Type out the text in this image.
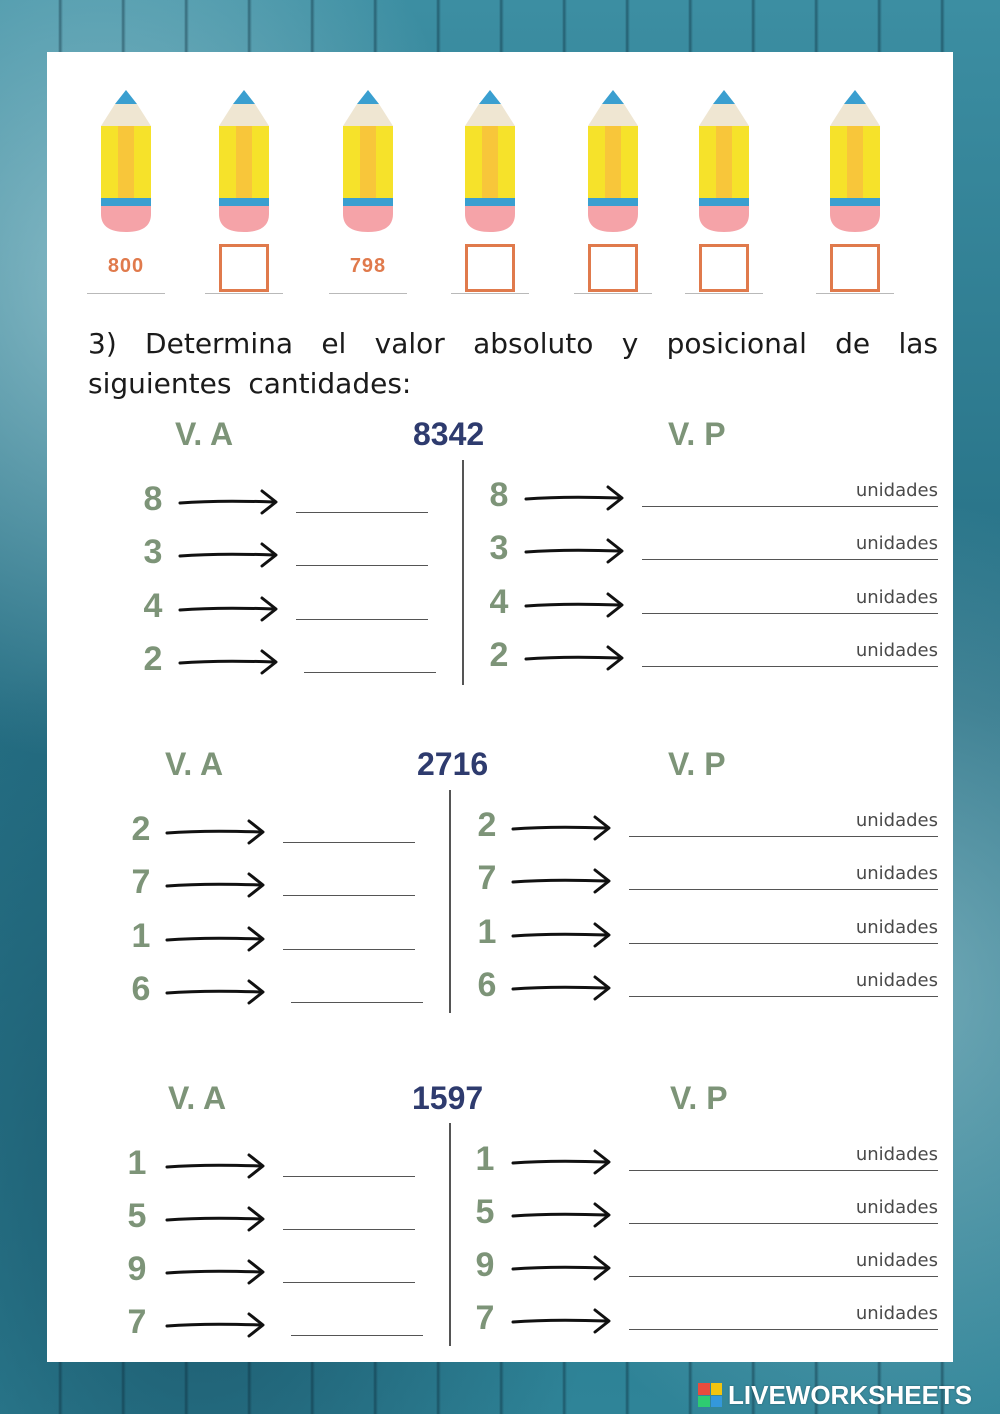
800	798
3) Determina el valor absoluto y posicional de las siguientes cantidades:
V. A	8342	V. P
8	8	unidades
3	3	unidades
4	4	unidades
2	2	unidades
V. A	2716	V. P
2	2	unidades
7	7	unidades
1	1	unidades
6	6	unidades
V. A	1597	V. P
1	1	unidades
5	5	unidades
9	9	unidades
7	7	unidades
LIVEWORKSHEETS
